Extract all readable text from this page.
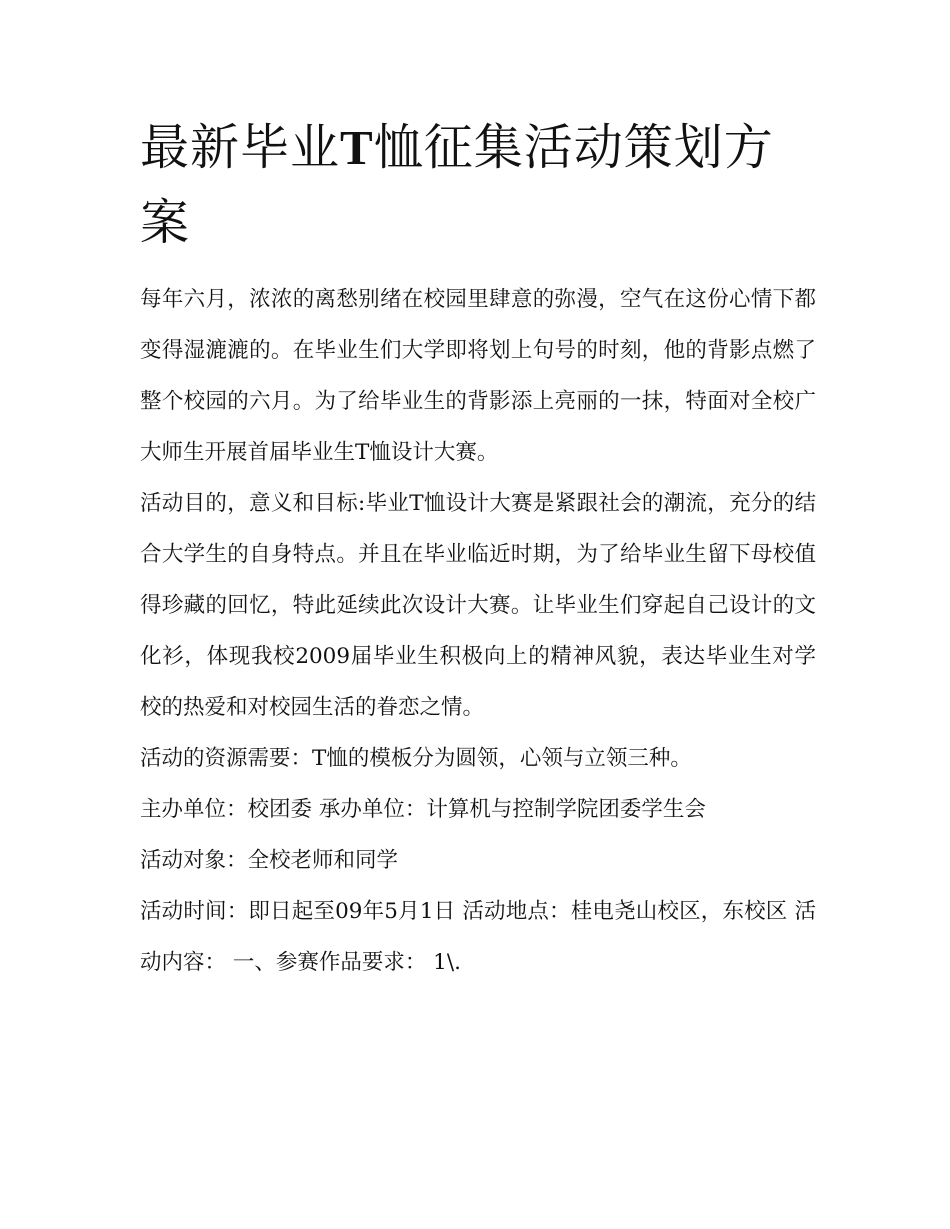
最新毕业T恤征集活动策划方案

每年六月，浓浓的离愁别绪在校园里肆意的弥漫，空气在这份心情下都变得湿漉漉的。在毕业生们大学即将划上句号的时刻，他的背影点燃了整个校园的六月。为了给毕业生的背影添上亮丽的一抹，特面对全校广大师生开展首届毕业生T恤设计大赛。

活动目的，意义和目标:毕业T恤设计大赛是紧跟社会的潮流，充分的结合大学生的自身特点。并且在毕业临近时期，为了给毕业生留下母校值得珍藏的回忆，特此延续此次设计大赛。让毕业生们穿起自己设计的文化衫，体现我校2009届毕业生积极向上的精神风貌，表达毕业生对学校的热爱和对校园生活的眷恋之情。

活动的资源需要：T恤的模板分为圆领，心领与立领三种。

主办单位：校团委 承办单位：计算机与控制学院团委学生会

活动对象：全校老师和同学

活动时间：即日起至09年5月1日 活动地点：桂电尧山校区，东校区 活动内容： 一、参赛作品要求： 1\.
